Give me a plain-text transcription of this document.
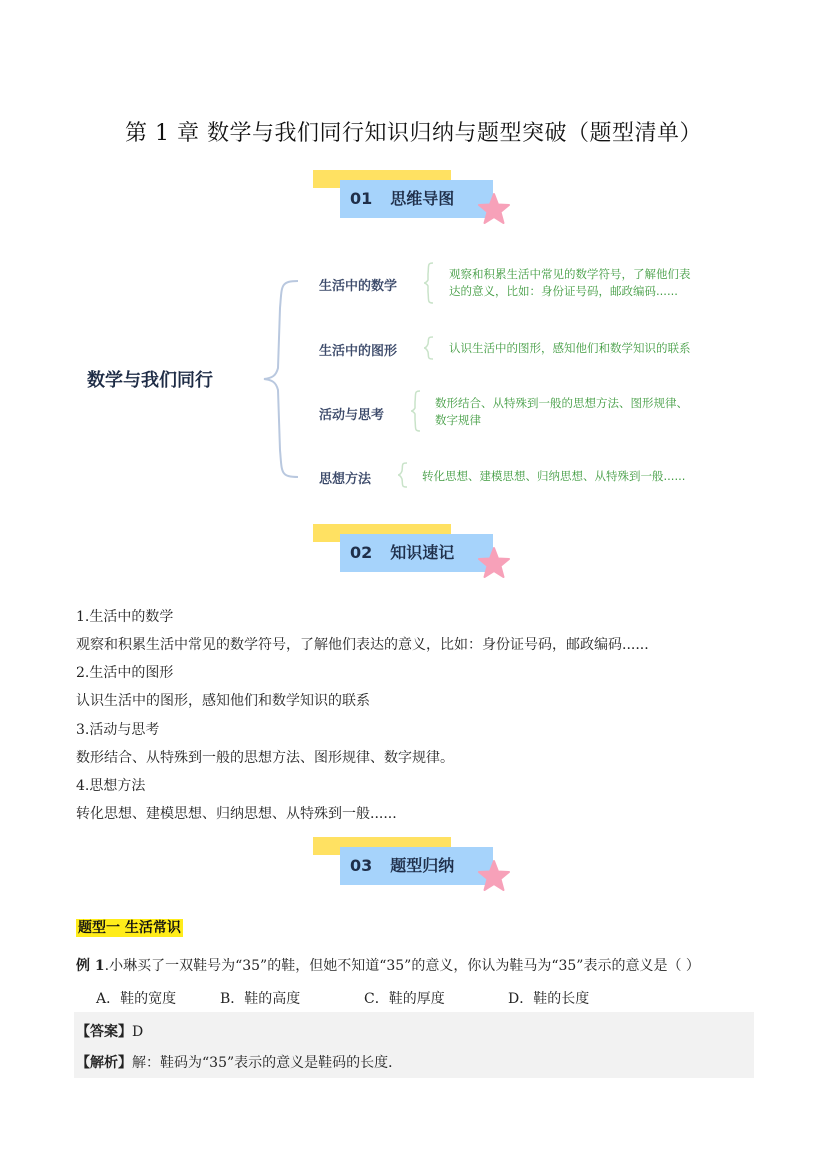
第 1 章 数学与我们同行知识归纳与题型突破（题型清单）
01 思维导图
数学与我们同行
生活中的数学
观察和积累生活中常见的数学符号，了解他们表
达的意义，比如：身份证号码，邮政编码......
生活中的图形	认识生活中的图形，感知他们和数学知识的联系
活动与思考
数形结合、从特殊到一般的思想方法、图形规律、
数字规律
思想方法	转化思想、建模思想、归纳思想、从特殊到一般......
02 知识速记
1.生活中的数学
观察和积累生活中常见的数学符号，了解他们表达的意义，比如：身份证号码，邮政编码......
2.生活中的图形
认识生活中的图形，感知他们和数学知识的联系
3.活动与思考
数形结合、从特殊到一般的思想方法、图形规律、数字规律。
4.思想方法
转化思想、建模思想、归纳思想、从特殊到一般......
03 题型归纳
题型一 生活常识
例 1.小琳买了一双鞋号为“35”的鞋，但她不知道“35”的意义，你认为鞋马为“35”表示的意义是（ ）
A．鞋的宽度	B．鞋的高度	C．鞋的厚度	D．鞋的长度
【答案】D
【解析】解：鞋码为“35”表示的意义是鞋码的长度．
